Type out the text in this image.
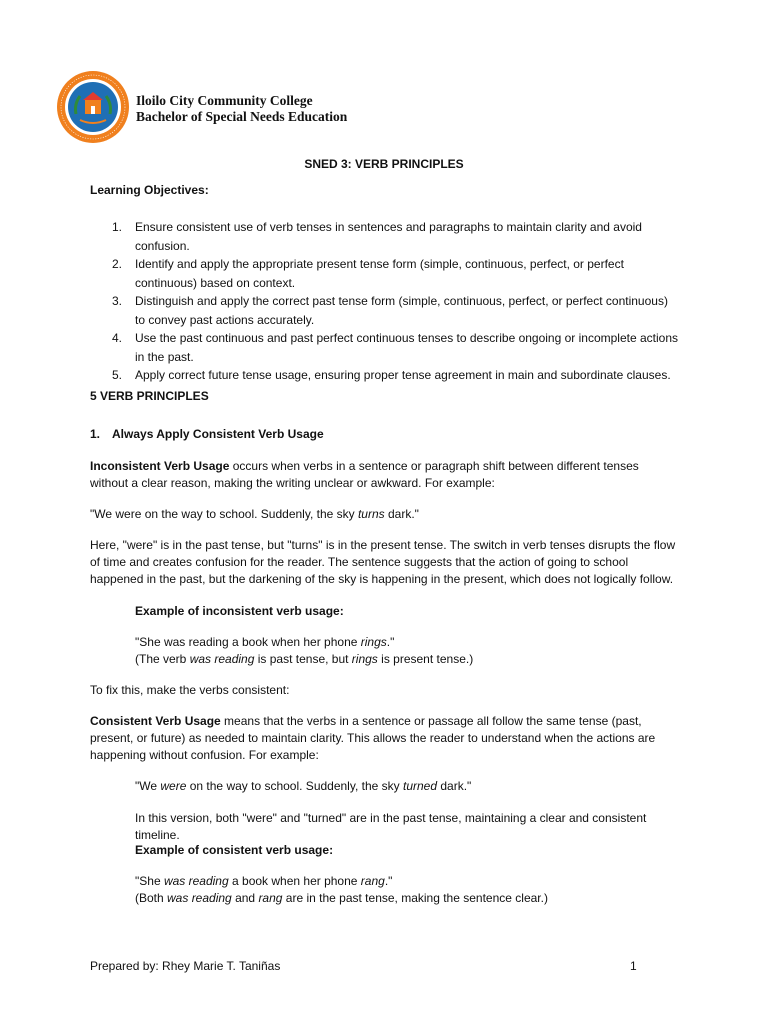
Iloilo City Community College
Bachelor of Special Needs Education
SNED 3: VERB PRINCIPLES
Learning Objectives:
1. Ensure consistent use of verb tenses in sentences and paragraphs to maintain clarity and avoid confusion.
2. Identify and apply the appropriate present tense form (simple, continuous, perfect, or perfect continuous) based on context.
3. Distinguish and apply the correct past tense form (simple, continuous, perfect, or perfect continuous) to convey past actions accurately.
4. Use the past continuous and past perfect continuous tenses to describe ongoing or incomplete actions in the past.
5. Apply correct future tense usage, ensuring proper tense agreement in main and subordinate clauses.
5 VERB PRINCIPLES
1. Always Apply Consistent Verb Usage
Inconsistent Verb Usage occurs when verbs in a sentence or paragraph shift between different tenses without a clear reason, making the writing unclear or awkward. For example:
"We were on the way to school. Suddenly, the sky turns dark."
Here, "were" is in the past tense, but "turns" is in the present tense. The switch in verb tenses disrupts the flow of time and creates confusion for the reader. The sentence suggests that the action of going to school happened in the past, but the darkening of the sky is happening in the present, which does not logically follow.
Example of inconsistent verb usage:
"She was reading a book when her phone rings."
(The verb was reading is past tense, but rings is present tense.)
To fix this, make the verbs consistent:
Consistent Verb Usage means that the verbs in a sentence or passage all follow the same tense (past, present, or future) as needed to maintain clarity. This allows the reader to understand when the actions are happening without confusion. For example:
"We were on the way to school. Suddenly, the sky turned dark."
In this version, both "were" and "turned" are in the past tense, maintaining a clear and consistent timeline.
Example of consistent verb usage:
"She was reading a book when her phone rang."
(Both was reading and rang are in the past tense, making the sentence clear.)
Prepared by: Rhey Marie T. Taniñas	1
